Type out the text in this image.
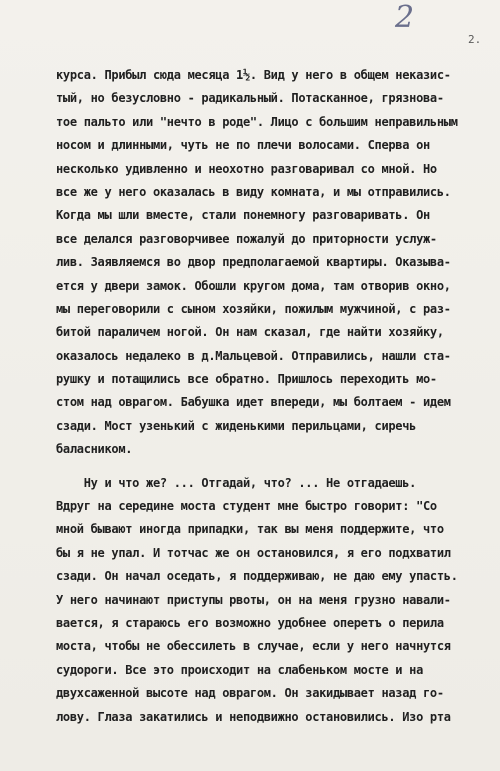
2
2.
курса. Прибыл сюда месяца 1½. Вид у него в общем неказис-
тый, но безусловно - радикальный. Потасканное, грязнова-
тое пальто или "нечто в роде". Лицо с большим неправильным
носом и длинными, чуть не по плечи волосами. Сперва он
несколько удивленно и неохотно разговаривал со мной. Но
все же у него оказалась в виду комната, и мы отправились.
Когда мы шли вместе, стали понемногу разговаривать. Он
все делался разговорчивее пожалуй до приторности услуж-
лив. Заявляемся во двор предполагаемой квартиры. Оказыва-
ется у двери замок. Обошли кругом дома, там отворив окно,
мы переговорили с сыном хозяйки, пожилым мужчиной, с раз-
битой параличем ногой. Он нам сказал, где найти хозяйку,
оказалось недалеко в д.Мальцевой. Отправились, нашли ста-
рушку и потащились все обратно. Пришлось переходить мо-
стом над оврагом. Бабушка идет впереди, мы болтаем - идем
сзади. Мост узенький с жиденькими перильцами, сиречь
баласником.
Ну и что же? ... Отгадай, что? ... Не отгадаешь.
Вдруг на середине моста студент мне быстро говорит: "Со
мной бывают иногда припадки, так вы меня поддержите, что
бы я не упал. И тотчас же он остановился, я его подхватил
сзади. Он начал оседать, я поддерживаю, не даю ему упасть.
У него начинают приступы рвоты, он на меня грузно навали-
вается, я стараюсь его возможно удобнее оперетъ о перила
моста, чтобы не обессилеть в случае, если у него начнутся
судороги. Все это происходит на слабеньком мосте и на
двухсаженной высоте над оврагом. Он закидывает назад го-
лову. Глаза закатились и неподвижно остановились. Изо рта
